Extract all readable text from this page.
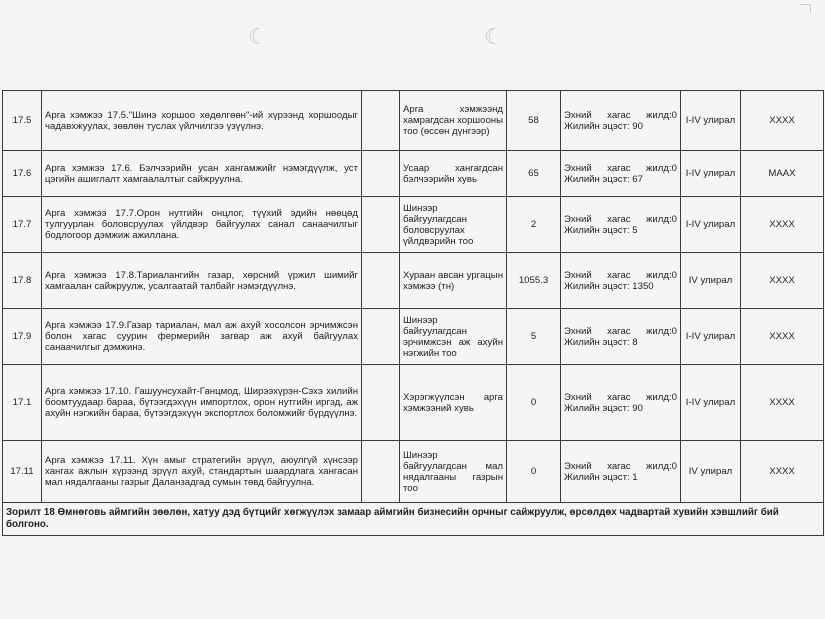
☾	☾
17.5	Арга хэмжээ 17.5."Шинэ хоршоо хөдөлгөөн"-ий хүрээнд хоршоодыг чадавхжуулах, зөвлөн туслах үйлчилгээ үзүүлнэ.		Арга хэмжээнд хамрагдсан хоршооны тоо (өссөн дүнгээр)	58	Эхний хагас жилд:0 Жилийн эцэст: 90	I-IV улирал	ХХХХ
17.6	Арга хэмжээ 17.6. Бэлчээрийн усан хангамжийг нэмэгдүүлж, уст цэгийн ашиглалт хамгаалалтыг сайжруулна.		Усаар хангагдсан бэлчээрийн хувь	65	Эхний хагас жилд:0 Жилийн эцэст: 67	I-IV улирал	МААХ
17.7	Арга хэмжээ 17.7.Орон нутгийн онцлог, түүхий эдийн нөөцөд тулгуурлан боловсруулах үйлдвэр байгуулах санал санаачилгыг бодлогоор дэмжиж ажиллана.		Шинээр байгуулагдсан боловсруулах үйлдвэрийн тоо	2	Эхний хагас жилд:0 Жилийн эцэст: 5	I-IV улирал	ХХХХ
17.8	Арга хэмжээ 17.8.Тариалангийн газар, хөрсний үржил шимийг хамгаалан сайжруулж, усалгаатай талбайг нэмэгдүүлнэ.		Хураан авсан ургацын хэмжээ (тн)	1055.3	Эхний хагас жилд:0 Жилийн эцэст: 1350	IV улирал	ХХХХ
17.9	Арга хэмжээ 17.9.Газар тариалан, мал аж ахуй хосолсон эрчимжсэн болон хагас суурин фермерийн загвар аж ахуй байгуулах санаачилгыг дэмжинэ.		Шинээр байгуулагдсан эрчимжсэн аж ахуйн нэгжийн тоо	5	Эхний хагас жилд:0 Жилийн эцэст: 8	I-IV улирал	ХХХХ
17.1	Арга хэмжээ 17.10. Гашуунсухайт-Ганцмод, Ширээхүрэн-Сэхэ хилийн боомтуудаар бараа, бүтээгдэхүүн импортлох, орон нутгийн иргэд, аж ахуйн нэгжийн бараа, бүтээгдэхүүн экспортлох боломжийг бүрдүүлнэ.		Хэрэгжүүлсэн арга хэмжээний хувь	0	Эхний хагас жилд:0 Жилийн эцэст: 90	I-IV улирал	ХХХХ
17.11	Арга хэмжээ 17.11. Хүн амыг стратегийн эрүүл, аюулгүй хүнсээр хангах ажлын хүрээнд эрүүл ахуй, стандартын шаардлага хангасан мал нядалгааны газрыг Даланзадгад сумын төвд байгуулна.		Шинээр байгуулагдсан мал нядалгааны газрын тоо	0	Эхний хагас жилд:0 Жилийн эцэст: 1	IV улирал	ХХХХ
Зорилт 18 Өмнөговь аймгийн зөөлөн, хатуу дэд бүтцийг хөгжүүлэх замаар аймгийн бизнесийн орчныг сайжруулж, өрсөлдөх чадвартай хувийн хэвшлийг бий болгоно.							
